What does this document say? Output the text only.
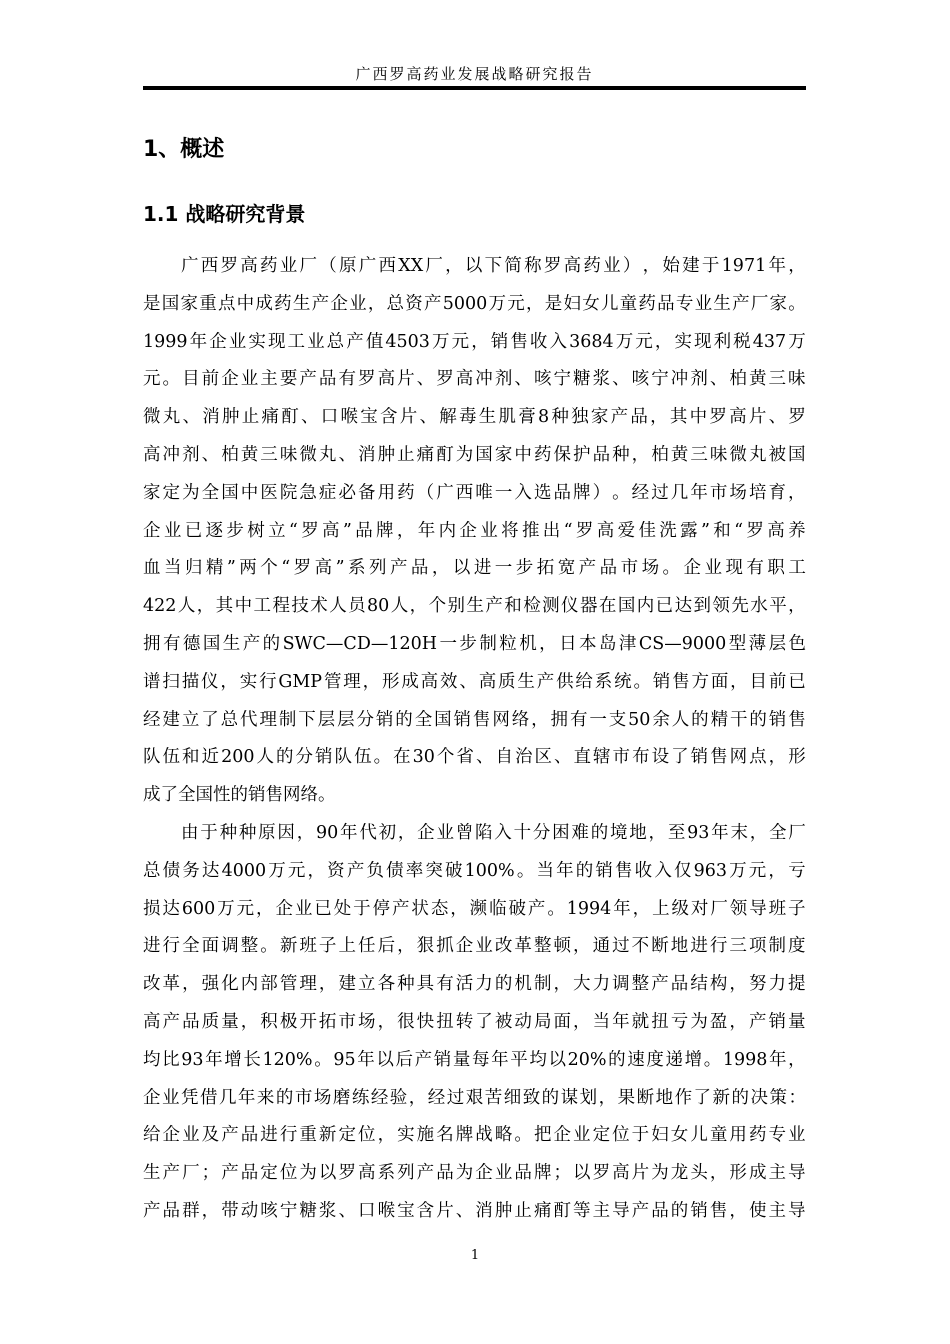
广西罗高药业发展战略研究报告
1、概述
1.1 战略研究背景
广 西 罗 高 药 业 厂 （ 原 广 西 XX 厂 ， 以 下 简 称 罗 高 药 业 ） ， 始 建 于 1971 年 ，
是 国 家 重 点 中 成 药 生 产 企 业 ， 总 资 产 5000 万 元 ， 是 妇 女 儿 童 药 品 专 业 生 产 厂 家 。
1999 年 企 业 实 现 工 业 总 产 值 4503 万 元 ， 销 售 收 入 3684 万 元 ， 实 现 利 税 437 万
元 。 目 前 企 业 主 要 产 品 有 罗 高 片 、 罗 高 冲 剂 、 咳 宁 糖 浆 、 咳 宁 冲 剂 、 柏 黄 三 味
微 丸 、 消 肿 止 痛 酊 、 口 喉 宝 含 片 、 解 毒 生 肌 膏 8 种 独 家 产 品 ， 其 中 罗 高 片 、 罗
高 冲 剂 、 柏 黄 三 味 微 丸 、 消 肿 止 痛 酊 为 国 家 中 药 保 护 品 种 ， 柏 黄 三 味 微 丸 被 国
家 定 为 全 国 中 医 院 急 症 必 备 用 药 （ 广 西 唯 一 入 选 品 牌 ） 。 经 过 几 年 市 场 培 育 ，
企 业 已 逐 步 树 立 “ 罗 高 ” 品 牌 ， 年 内 企 业 将 推 出 “ 罗 高 爱 佳 洗 露 ” 和 “ 罗 高 养
血 当 归 精 ” 两 个 “ 罗 高 ” 系 列 产 品 ， 以 进 一 步 拓 宽 产 品 市 场 。 企 业 现 有 职 工
422 人 ， 其 中 工 程 技 术 人 员 80 人 ， 个 别 生 产 和 检 测 仪 器 在 国 内 已 达 到 领 先 水 平 ，
拥 有 德 国 生 产 的 SWC—CD—120H 一 步 制 粒 机 ， 日 本 岛 津 CS—9000 型 薄 层 色
谱 扫 描 仪 ， 实 行 GMP 管 理 ， 形 成 高 效 、 高 质 生 产 供 给 系 统 。 销 售 方 面 ， 目 前 已
经 建 立 了 总 代 理 制 下 层 层 分 销 的 全 国 销 售 网 络 ， 拥 有 一 支 50 余 人 的 精 干 的 销 售
队 伍 和 近 200 人 的 分 销 队 伍 。 在 30 个 省 、 自 治 区 、 直 辖 市 布 设 了 销 售 网 点 ， 形
成 了 全 国 性 的 销 售 网 络 。
由 于 种 种 原 因 ， 90 年 代 初 ， 企 业 曾 陷 入 十 分 困 难 的 境 地 ， 至 93 年 末 ， 全 厂
总 债 务 达 4000 万 元 ， 资 产 负 债 率 突 破 100% 。 当 年 的 销 售 收 入 仅 963 万 元 ， 亏
损 达 600 万 元 ， 企 业 已 处 于 停 产 状 态 ， 濒 临 破 产 。 1994 年 ， 上 级 对 厂 领 导 班 子
进 行 全 面 调 整 。 新 班 子 上 任 后 ， 狠 抓 企 业 改 革 整 顿 ， 通 过 不 断 地 进 行 三 项 制 度
改 革 ， 强 化 内 部 管 理 ， 建 立 各 种 具 有 活 力 的 机 制 ， 大 力 调 整 产 品 结 构 ， 努 力 提
高 产 品 质 量 ， 积 极 开 拓 市 场 ， 很 快 扭 转 了 被 动 局 面 ， 当 年 就 扭 亏 为 盈 ， 产 销 量
均 比 93 年 增 长 120% 。 95 年 以 后 产 销 量 每 年 平 均 以 20% 的 速 度 递 增 。 1998 年 ，
企 业 凭 借 几 年 来 的 市 场 磨 练 经 验 ， 经 过 艰 苦 细 致 的 谋 划 ， 果 断 地 作 了 新 的 决 策 ：
给 企 业 及 产 品 进 行 重 新 定 位 ， 实 施 名 牌 战 略 。 把 企 业 定 位 于 妇 女 儿 童 用 药 专 业
生 产 厂 ； 产 品 定 位 为 以 罗 高 系 列 产 品 为 企 业 品 牌 ； 以 罗 高 片 为 龙 头 ， 形 成 主 导
产 品 群 ， 带 动 咳 宁 糖 浆 、 口 喉 宝 含 片 、 消 肿 止 痛 酊 等 主 导 产 品 的 销 售 ， 使 主 导
1
